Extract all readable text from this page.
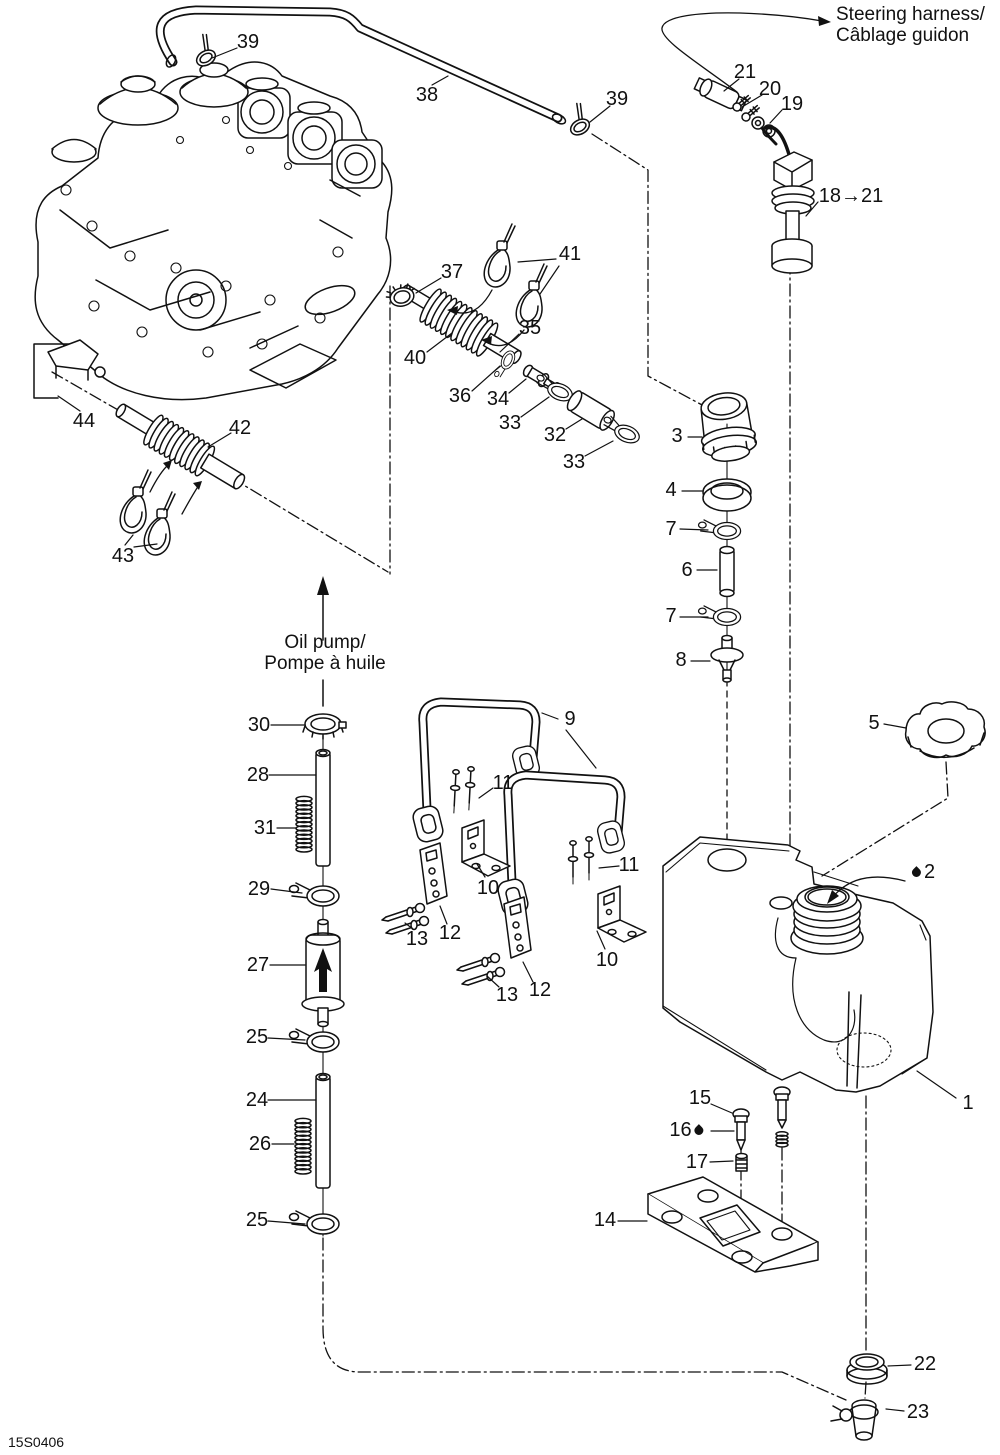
Steering harness/
Câblage guidon
Oil pump/
Pompe à huile
15S0406
39
38	39
21
20
19
18→21
37
41
35
40
36 34
33
32
33
3
4
7
6
7
8
5
44	42
43
30
28
31
29
27
25
24
26
25
9
11
10
13 12
11
10
13 12
2
1
15
16
17
14
22
23
